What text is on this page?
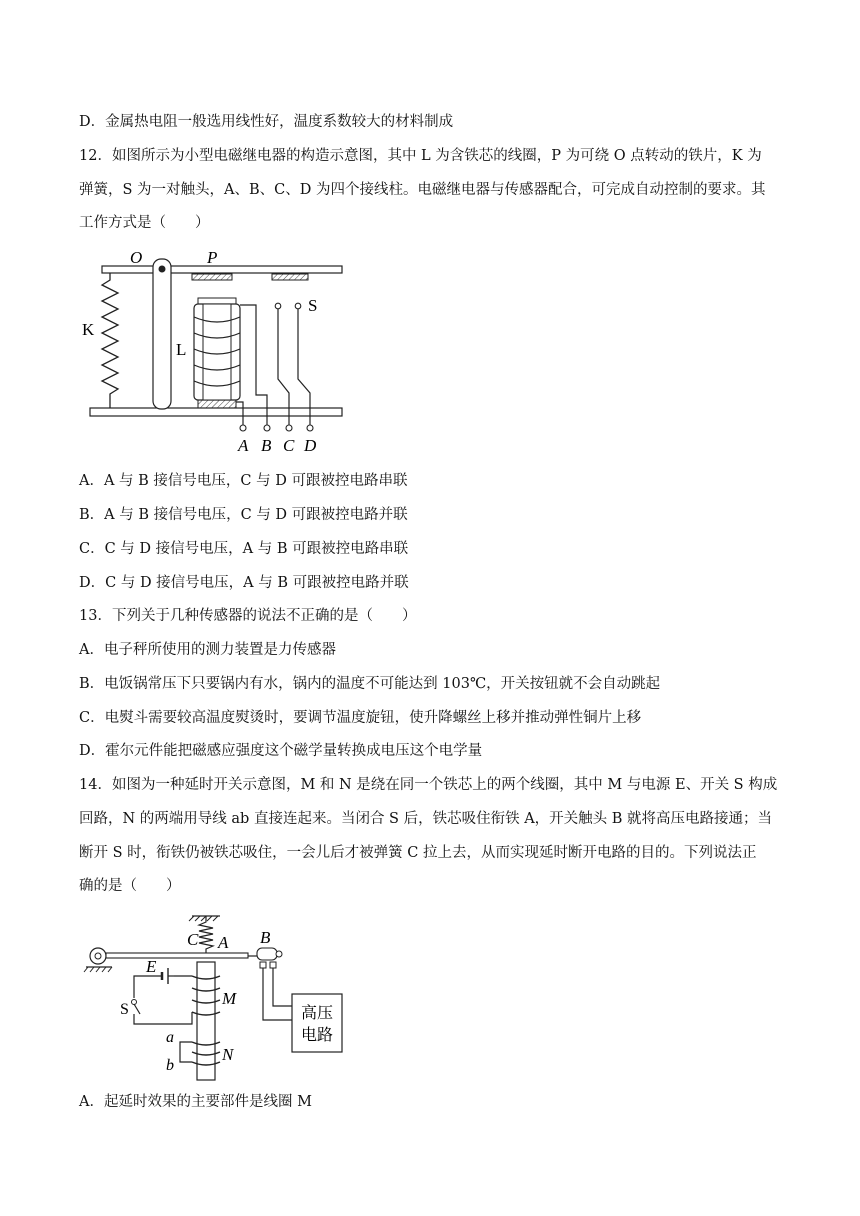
D．金属热电阻一般选用线性好，温度系数较大的材料制成
12．如图所示为小型电磁继电器的构造示意图，其中 L 为含铁芯的线圈，P 为可绕 O 点转动的铁片，K 为
弹簧，S 为一对触头，A、B、C、D 为四个接线柱。电磁继电器与传感器配合，可完成自动控制的要求。其
工作方式是（　　）
O	P
S
K
L
A B C D
A．A 与 B 接信号电压，C 与 D 可跟被控电路串联
B．A 与 B 接信号电压，C 与 D 可跟被控电路并联
C．C 与 D 接信号电压，A 与 B 可跟被控电路串联
D．C 与 D 接信号电压，A 与 B 可跟被控电路并联
13．下列关于几种传感器的说法不正确的是（　　）
A．电子秤所使用的测力装置是力传感器
B．电饭锅常压下只要锅内有水，锅内的温度不可能达到 103℃，开关按钮就不会自动跳起
C．电熨斗需要较高温度熨烫时，要调节温度旋钮，使升降螺丝上移并推动弹性铜片上移
D．霍尔元件能把磁感应强度这个磁学量转换成电压这个电学量
14．如图为一种延时开关示意图，M 和 N 是绕在同一个铁芯上的两个线圈，其中 M 与电源 E、开关 S 构成
回路，N 的两端用导线 ab 直接连起来。当闭合 S 后，铁芯吸住衔铁 A，开关触头 B 就将高压电路接通；当
断开 S 时，衔铁仍被铁芯吸住，一会儿后才被弹簧 C 拉上去，从而实现延时断开电路的目的。下列说法正
确的是（　　）
高压
电路
C A B
E
S
M
N
a
b
A．起延时效果的主要部件是线圈 M
